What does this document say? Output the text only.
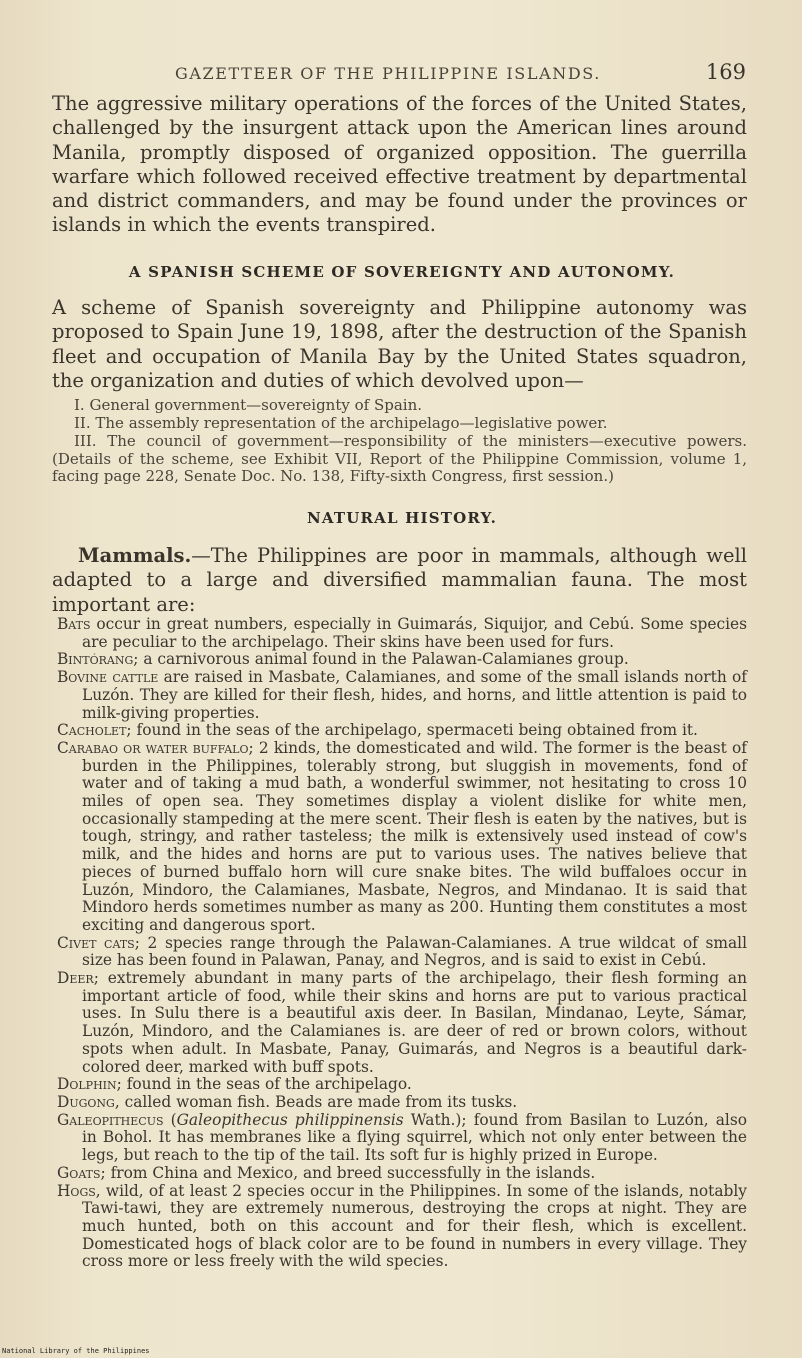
GAZETTEER OF THE PHILIPPINE ISLANDS.	169

The aggressive military operations of the forces of the United States, challenged by the insurgent attack upon the American lines around Manila, promptly disposed of organized opposition. The guerrilla warfare which followed received effective treatment by departmental and district commanders, and may be found under the provinces or islands in which the events transpired.

A SPANISH SCHEME OF SOVEREIGNTY AND AUTONOMY.

A scheme of Spanish sovereignty and Philippine autonomy was proposed to Spain June 19, 1898, after the destruction of the Spanish fleet and occupation of Manila Bay by the United States squadron, the organization and duties of which devolved upon—

I. General government—sovereignty of Spain.
II. The assembly representation of the archipelago—legislative power.
III. The council of government—responsibility of the ministers—executive powers. (Details of the scheme, see Exhibit VII, Report of the Philippine Commission, volume 1, facing page 228, Senate Doc. No. 138, Fifty-sixth Congress, first session.)
NATURAL HISTORY.

Mammals.—The Philippines are poor in mammals, although well adapted to a large and diversified mammalian fauna. The most important are:

Bats occur in great numbers, especially in Guimarás, Siquijor, and Cebú. Some species are peculiar to the archipelago. Their skins have been used for furs.

Bintórang; a carnivorous animal found in the Palawan-Calamianes group.

Bovine cattle are raised in Masbate, Calamianes, and some of the small islands north of Luzón. They are killed for their flesh, hides, and horns, and little attention is paid to milk-giving properties.

Cacholet; found in the seas of the archipelago, spermaceti being obtained from it.

Carabao or water buffalo; 2 kinds, the domesticated and wild. The former is the beast of burden in the Philippines, tolerably strong, but sluggish in movements, fond of water and of taking a mud bath, a wonderful swimmer, not hesitating to cross 10 miles of open sea. They sometimes display a violent dislike for white men, occasionally stampeding at the mere scent. Their flesh is eaten by the natives, but is tough, stringy, and rather tasteless; the milk is extensively used instead of cow's milk, and the hides and horns are put to various uses. The natives believe that pieces of burned buffalo horn will cure snake bites. The wild buffaloes occur in Luzón, Mindoro, the Calamianes, Masbate, Negros, and Mindanao. It is said that Mindoro herds sometimes number as many as 200. Hunting them constitutes a most exciting and dangerous sport.

Civet cats; 2 species range through the Palawan-Calamianes. A true wildcat of small size has been found in Palawan, Panay, and Negros, and is said to exist in Cebú.

Deer; extremely abundant in many parts of the archipelago, their flesh forming an important article of food, while their skins and horns are put to various practical uses. In Sulu there is a beautiful axis deer. In Basilan, Mindanao, Leyte, Sámar, Luzón, Mindoro, and the Calamianes is. are deer of red or brown colors, without spots when adult. In Masbate, Panay, Guimarás, and Negros is a beautiful dark-colored deer, marked with buff spots.

Dolphin; found in the seas of the archipelago.

Dugong, called woman fish. Beads are made from its tusks.

Galeopithecus (Galeopithecus philippinensis Wath.); found from Basilan to Luzón, also in Bohol. It has membranes like a flying squirrel, which not only enter between the legs, but reach to the tip of the tail. Its soft fur is highly prized in Europe.

Goats; from China and Mexico, and breed successfully in the islands.

Hogs, wild, of at least 2 species occur in the Philippines. In some of the islands, notably Tawi-tawi, they are extremely numerous, destroying the crops at night. They are much hunted, both on this account and for their flesh, which is excellent. Domesticated hogs of black color are to be found in numbers in every village. They cross more or less freely with the wild species.

National Library of the Philippines
